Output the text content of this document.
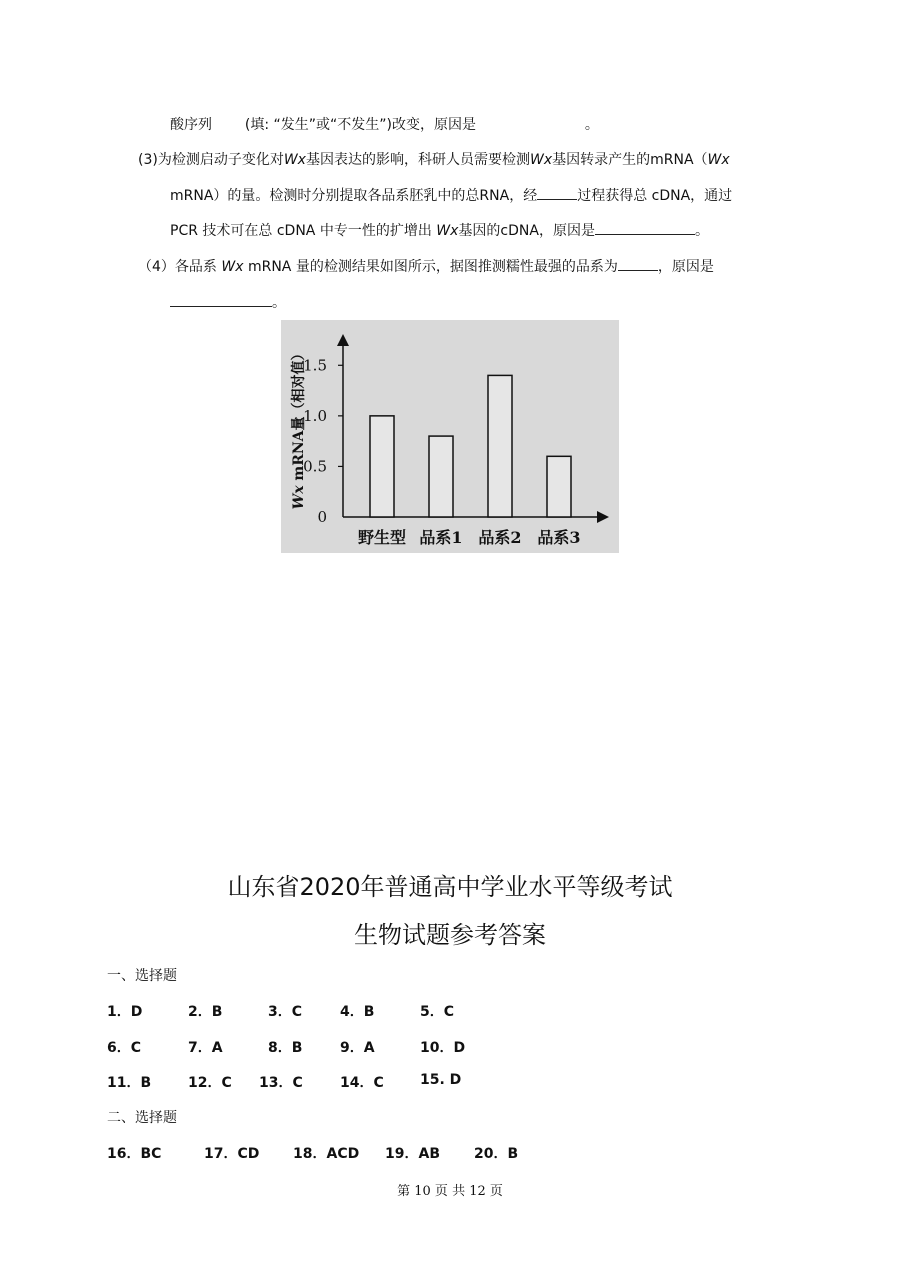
酸序列 (填: “发生”或“不发生”)改变，原因是	。
(3)为检测启动子变化对Wx基因表达的影响，科研人员需要检测Wx基因转录产生的mRNA（Wx
mRNA）的量。检测时分别提取各品系胚乳中的总RNA，经	过程获得总 cDNA，通过
PCR 技术可在总 cDNA 中专一性的扩增出 Wx基因的cDNA，原因是	。
（4）各品系 Wx mRNA 量的检测结果如图所示，据图推测糯性最强的品系为	，原因是
。
0
0.5
1.0
1.5
野生型 品系1 品系2 品系3
Wx mRNA量（相对值）
山东省2020年普通高中学业水平等级考试
生物试题参考答案
一、选择题
1．D	2．B	3．C	4．B	5．C
6．C	7．A	8．B	9．A	10．D
11．B	12．C 13．C	14．C	15. D
二、选择题
16．BC	17．CD 18．ACD 19．AB 20．B
第 10 页 共 12 页
